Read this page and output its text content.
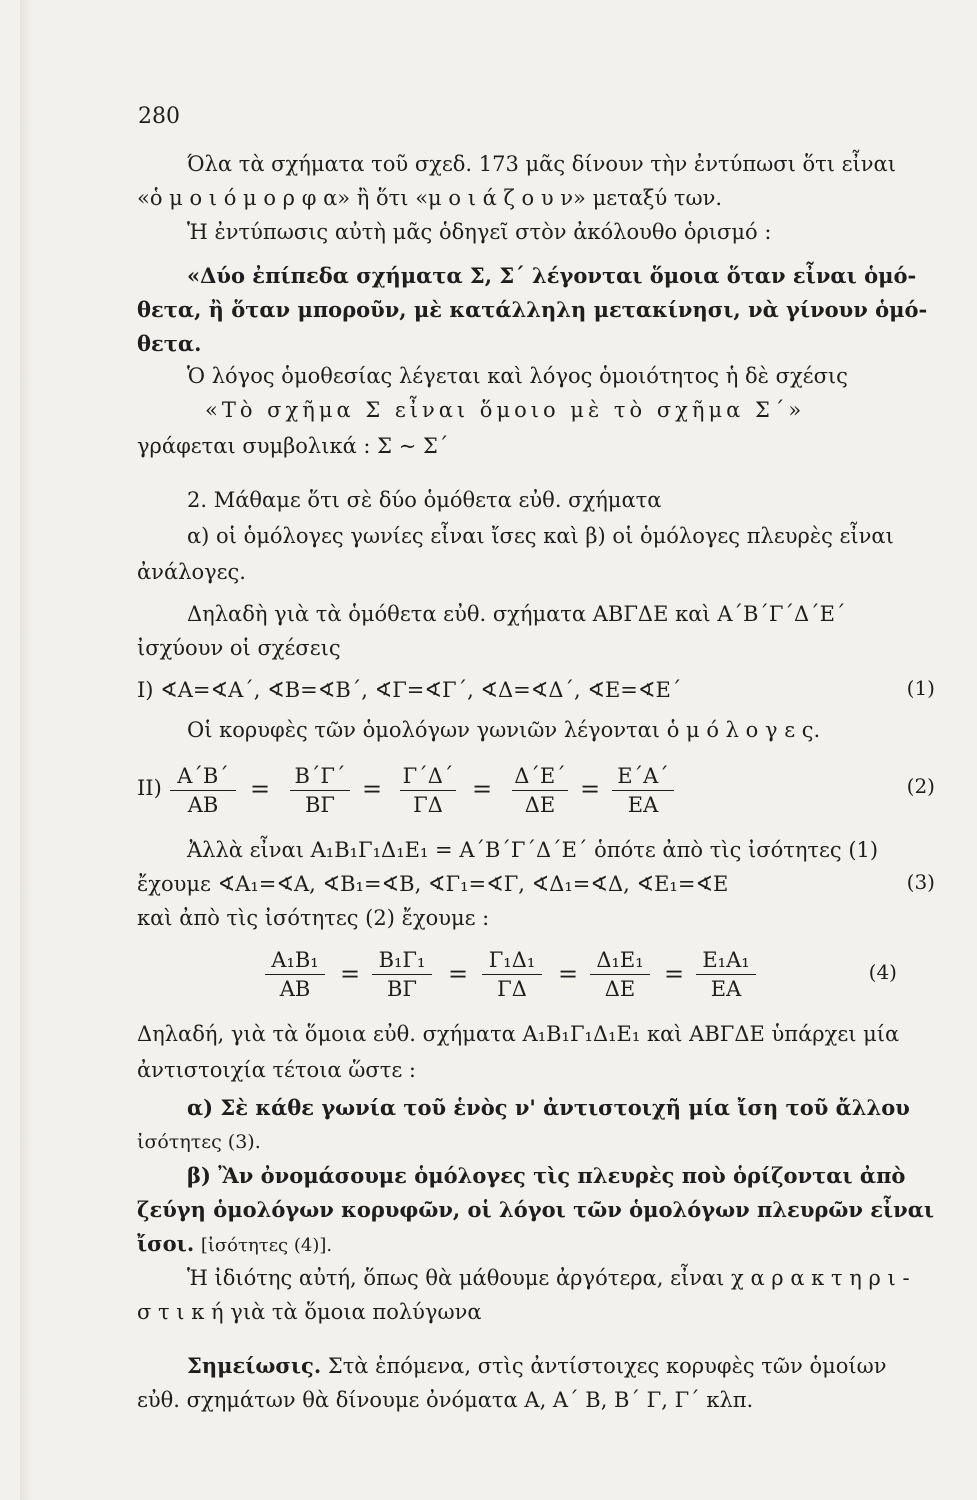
280
Όλα τὰ σχήματα τοῦ σχεδ. 173 μᾶς δίνουν τὴν ἐντύπωσι ὅτι εἶναι
«ὁ μ ο ι ό μ ο ρ φ α» ἢ ὅτι «μ ο ι ά ζ ο υ ν» μεταξύ των.
Ἡ ἐντύπωσις αὐτὴ μᾶς ὁδηγεῖ στὸν ἀκόλουθο ὁρισμό :
«Δύο ἐπίπεδα σχήματα Σ, Σ΄ λέγονται ὅμοια ὅταν εἶναι ὁμό-
θετα, ἢ ὅταν μποροῦν, μὲ κατάλληλη μετακίνησι, νὰ γίνουν ὁμό-
θετα.
Ὁ λόγος ὁμοθεσίας λέγεται καὶ λόγος ὁμοιότητος ἡ δὲ σχέσις
«Τὸ σχῆμα Σ εἶναι ὅμοιο μὲ τὸ σχῆμα Σ΄»
γράφεται συμβολικά : Σ ∼ Σ΄
2. Μάθαμε ὅτι σὲ δύο ὁμόθετα εὐθ. σχήματα
α) οἱ ὁμόλογες γωνίες εἶναι ἴσες καὶ β) οἱ ὁμόλογες πλευρὲς εἶναι
ἀνάλογες.
Δηλαδὴ γιὰ τὰ ὁμόθετα εὐθ. σχήματα ΑΒΓΔΕ καὶ Α΄Β΄Γ΄Δ΄Ε΄
ἰσχύουν οἱ σχέσεις
I) ∢Α=∢Α΄, ∢Β=∢Β΄, ∢Γ=∢Γ΄, ∢Δ=∢Δ΄, ∢Ε=∢Ε΄	(1)
Οἱ κορυφὲς τῶν ὁμολόγων γωνιῶν λέγονται ὁ μ ό λ ο γ ε ς.
II) Α΄Β΄
ΑΒ
= Β΄Γ΄
ΒΓ
= Γ΄Δ΄
ΓΔ
= Δ΄Ε΄
ΔΕ
= Ε΄Α΄
ΕΑ
(2)
Ἀλλὰ εἶναι Α₁Β₁Γ₁Δ₁Ε₁ = Α΄Β΄Γ΄Δ΄Ε΄ ὁπότε ἀπὸ τὶς ἰσότητες (1)
ἔχουμε ∢Α₁=∢Α, ∢Β₁=∢Β, ∢Γ₁=∢Γ, ∢Δ₁=∢Δ, ∢Ε₁=∢Ε	(3)
καὶ ἀπὸ τὶς ἰσότητες (2) ἔχουμε :
Α₁Β₁
ΑΒ
= Β₁Γ₁
ΒΓ
= Γ₁Δ₁
ΓΔ
= Δ₁Ε₁
ΔΕ
= Ε₁Α₁
ΕΑ
(4)
Δηλαδή, γιὰ τὰ ὅμοια εὐθ. σχήματα Α₁Β₁Γ₁Δ₁Ε₁ καὶ ΑΒΓΔΕ ὑπάρχει μία
ἀντιστοιχία τέτοια ὥστε :
α) Σὲ κάθε γωνία τοῦ ἑνὸς ν' ἀντιστοιχῆ μία ἴση τοῦ ἄλλου
ἰσότητες (3).
β) Ἂν ὀνομάσουμε ὁμόλογες τὶς πλευρὲς ποὺ ὁρίζονται ἀπὸ
ζεύγη ὁμολόγων κορυφῶν, οἱ λόγοι τῶν ὁμολόγων πλευρῶν εἶναι
ἴσοι. [ἰσότητες (4)].
Ἡ ἰδιότης αὐτή, ὅπως θὰ μάθουμε ἀργότερα, εἶναι χ α ρ α κ τ η ρ ι -
σ τ ι κ ή γιὰ τὰ ὅμοια πολύγωνα
Σημείωσις. Στὰ ἑπόμενα, στὶς ἀντίστοιχες κορυφὲς τῶν ὁμοίων
εὐθ. σχημάτων θὰ δίνουμε ὀνόματα Α, Α΄ Β, Β΄ Γ, Γ΄ κλπ.
